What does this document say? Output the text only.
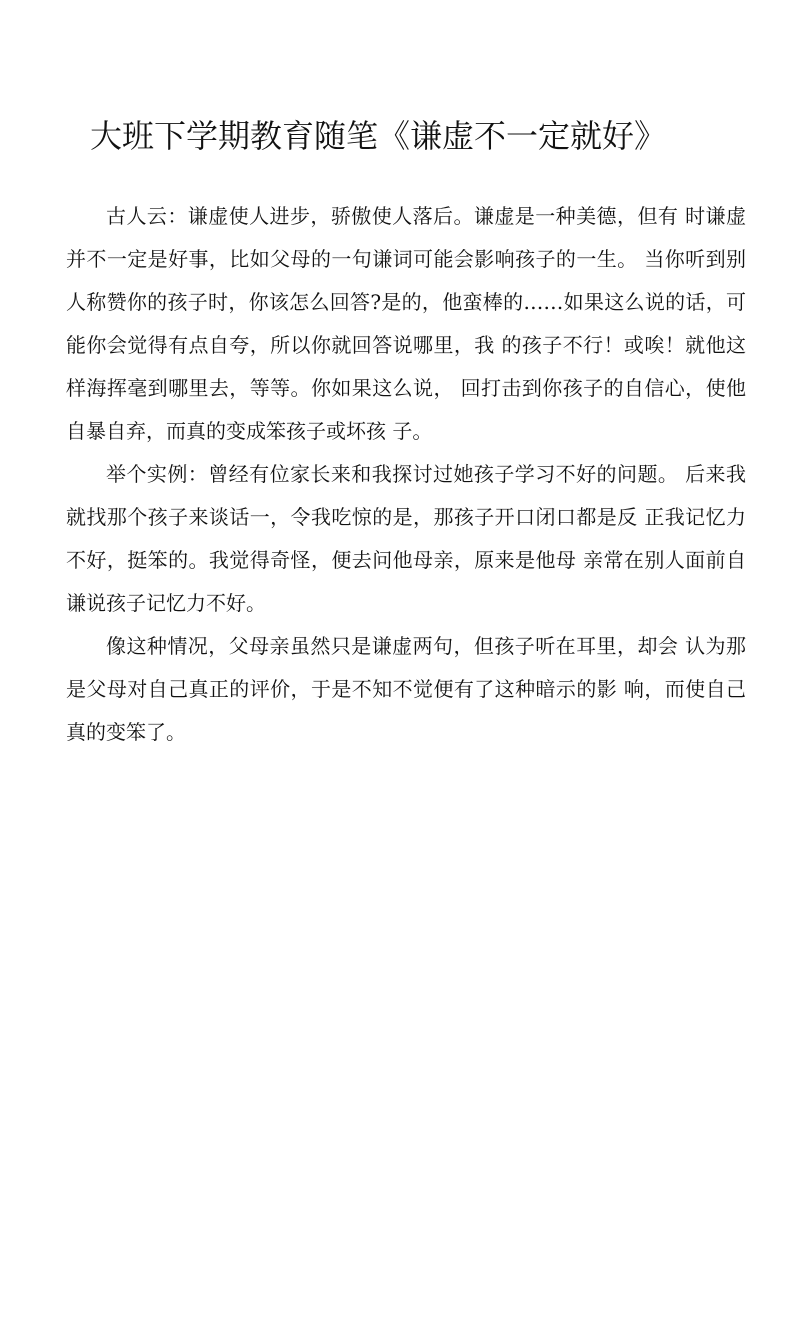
大班下学期教育随笔《谦虚不一定就好》

古人云：谦虚使人进步，骄傲使人落后。谦虚是一种美德，但有 时谦虚并不一定是好事，比如父母的一句谦词可能会影响孩子的一生。 当你听到别人称赞你的孩子时，你该怎么回答?是的，他蛮棒的……如果这么说的话，可能你会觉得有点自夸，所以你就回答说哪里，我 的孩子不行！或唉！就他这样海挥毫到哪里去，等等。你如果这么说， 回打击到你孩子的自信心，使他自暴自弃，而真的变成笨孩子或坏孩 子。

举个实例：曾经有位家长来和我探讨过她孩子学习不好的问题。 后来我就找那个孩子来谈话一，令我吃惊的是，那孩子开口闭口都是反 正我记忆力不好，挺笨的。我觉得奇怪，便去问他母亲，原来是他母 亲常在别人面前自谦说孩子记忆力不好。

像这种情况，父母亲虽然只是谦虚两句，但孩子听在耳里，却会 认为那是父母对自己真正的评价，于是不知不觉便有了这种暗示的影 响，而使自己真的变笨了。
